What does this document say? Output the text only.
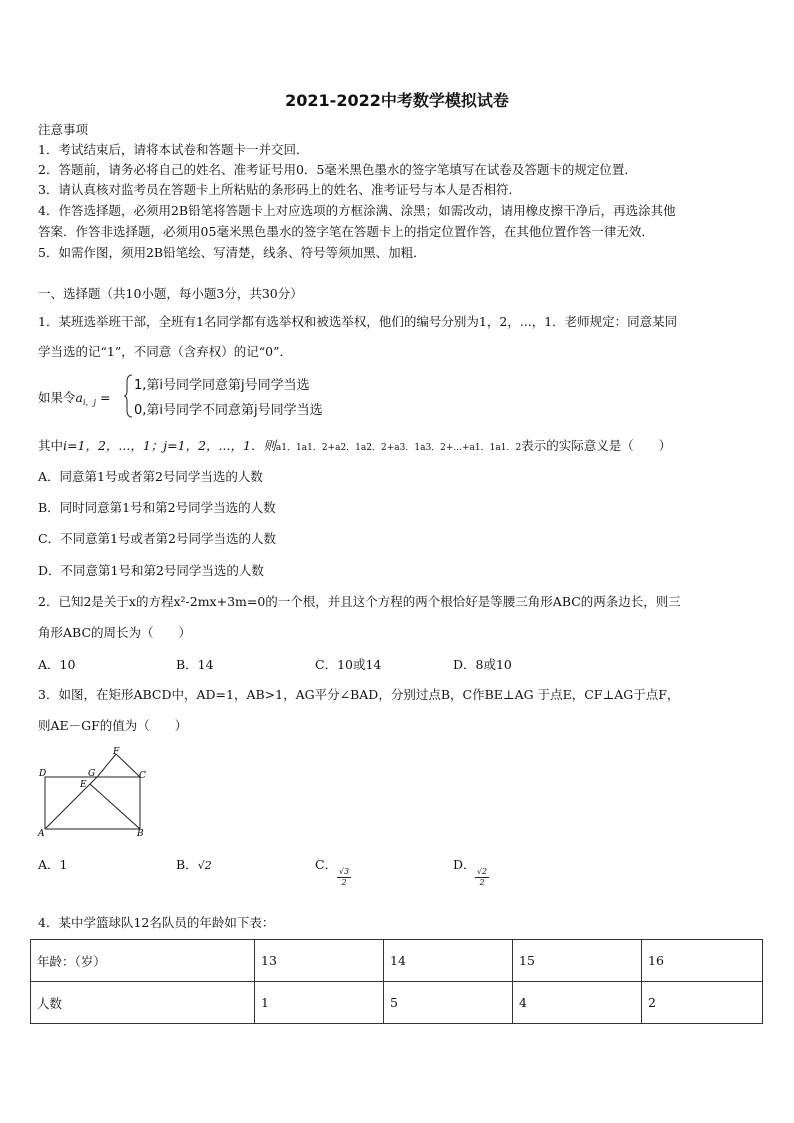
2021-2022中考数学模拟试卷
注意事项
1．考试结束后，请将本试卷和答题卡一并交回．
2．答题前，请务必将自己的姓名、准考证号用0．5毫米黑色墨水的签字笔填写在试卷及答题卡的规定位置．
3．请认真核对监考员在答题卡上所粘贴的条形码上的姓名、准考证号与本人是否相符．
4．作答选择题，必须用2B铅笔将答题卡上对应选项的方框涂满、涂黑；如需改动，请用橡皮擦干净后，再选涂其他
答案．作答非选择题，必须用05毫米黑色墨水的签字笔在答题卡上的指定位置作答，在其他位置作答一律无效．
5．如需作图，须用2B铅笔绘、写清楚，线条、符号等须加黑、加粗．
一、选择题（共10小题，每小题3分，共30分）
1．某班选举班干部，全班有1名同学都有选举权和被选举权，他们的编号分别为1，2，...，1．老师规定：同意某同
学当选的记“1”，不同意（含弃权）的记“0”．
如果令$a_{i,j}$ =
1,第i号同学同意第j号同学当选
0,第i号同学不同意第j号同学当选
其中i=1，2，...，1；j=1，2，...，1．则a1．1a1．2+a2．1a2．2+a3．1a3．2+...+a1．1a1．2表示的实际意义是（　　）
A．同意第1号或者第2号同学当选的人数
B．同时同意第1号和第2号同学当选的人数
C．不同意第1号或者第2号同学当选的人数
D．不同意第1号和第2号同学当选的人数
2．已知2是关于x的方程x²-2mx+3m=0的一个根，并且这个方程的两个根恰好是等腰三角形ABC的两条边长，则三
角形ABC的周长为（　　）
A．10	B．14	C．10或14	D．8或10
3．如图，在矩形ABCD中，AD=1，AB>1，AG平分∠BAD，分别过点B，C作BE⊥AG 于点E，CF⊥AG于点F，
则AE－GF的值为（　　）
D	G
F
C
E
A	B
A．1	B．√2	C． √3
2
D． √2
2
4．某中学篮球队12名队员的年龄如下表：
年龄：（岁）	13	14	15	16
人数	1	5	4	2
